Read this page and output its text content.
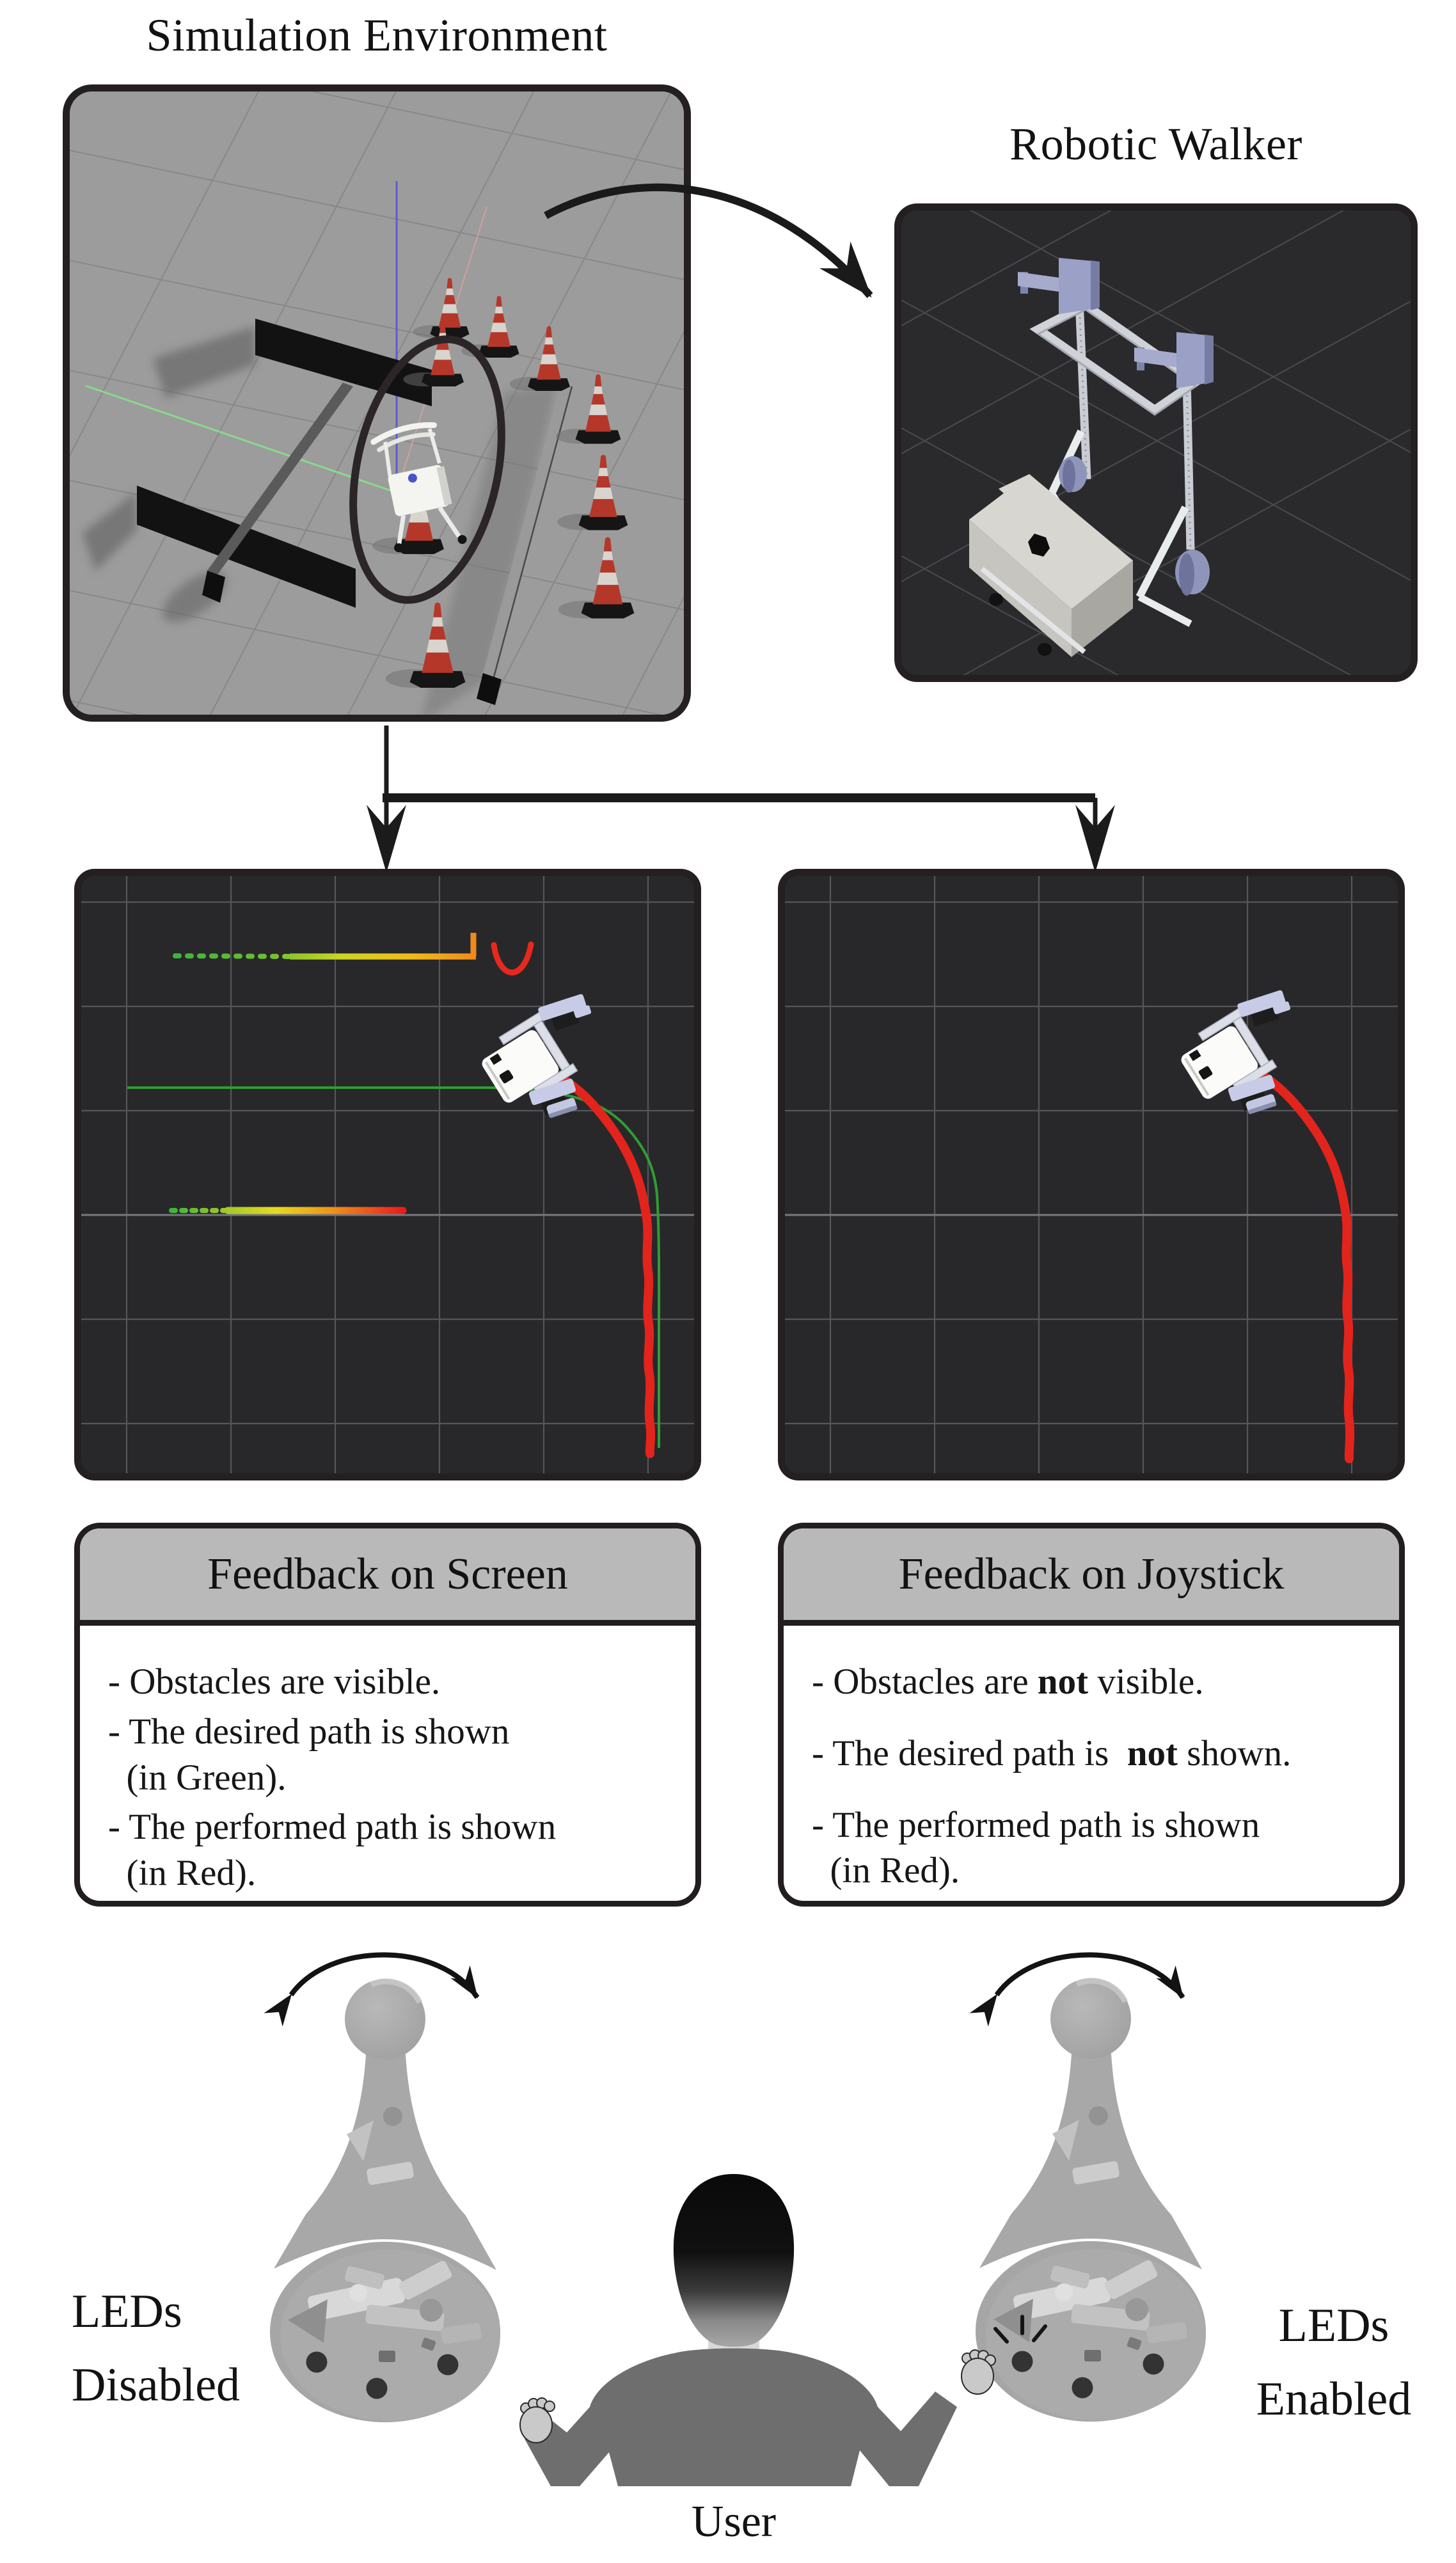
Simulation Environment
Robotic Walker
Feedback on Screen
- Obstacles are visible.
- The desired path is shown
(in Green).
- The performed path is shown
(in Red).
Feedback on Joystick
- Obstacles are not visible.
- The desired path is  not shown.
- The performed path is shown
(in Red).
LEDs
Disabled
LEDs
Enabled
User
